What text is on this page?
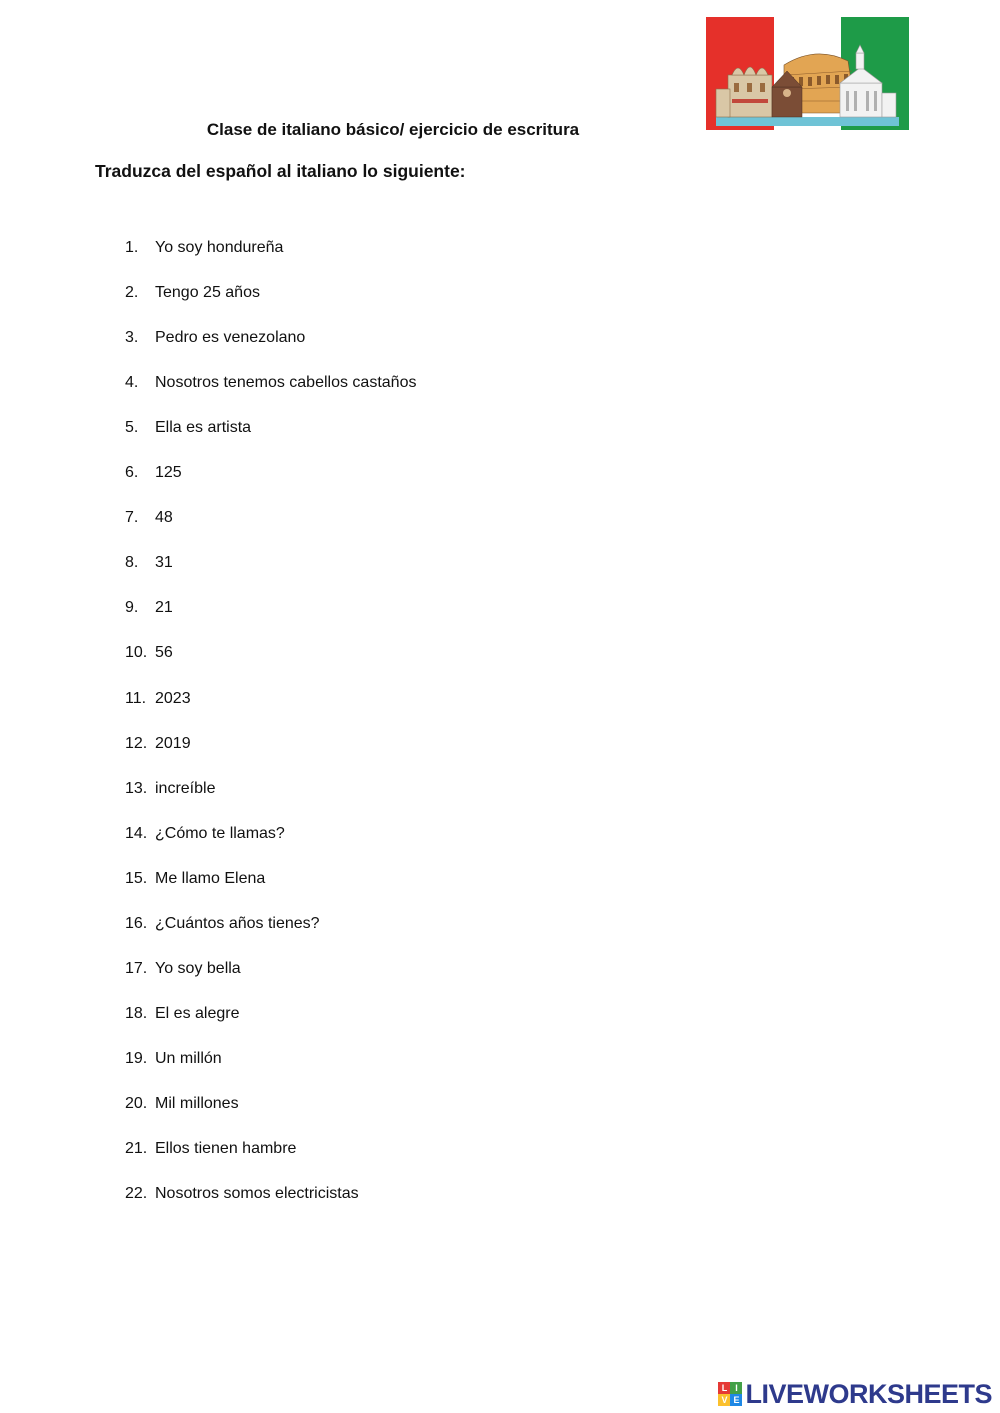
Clase de italiano básico/ ejercicio de escritura
Traduzca del español al italiano lo siguiente:
1. Yo soy hondureña
2. Tengo 25 años
3. Pedro es venezolano
4. Nosotros tenemos cabellos castaños
5. Ella es artista
6. 125
7. 48
8. 31
9. 21
10. 56
11. 2023
12. 2019
13. increíble
14. ¿Cómo te llamas?
15. Me llamo Elena
16. ¿Cuántos años tienes?
17. Yo soy bella
18. El es alegre
19. Un millón
20. Mil millones
21. Ellos tienen hambre
22. Nosotros somos electricistas
L I
V E LIVEWORKSHEETS
